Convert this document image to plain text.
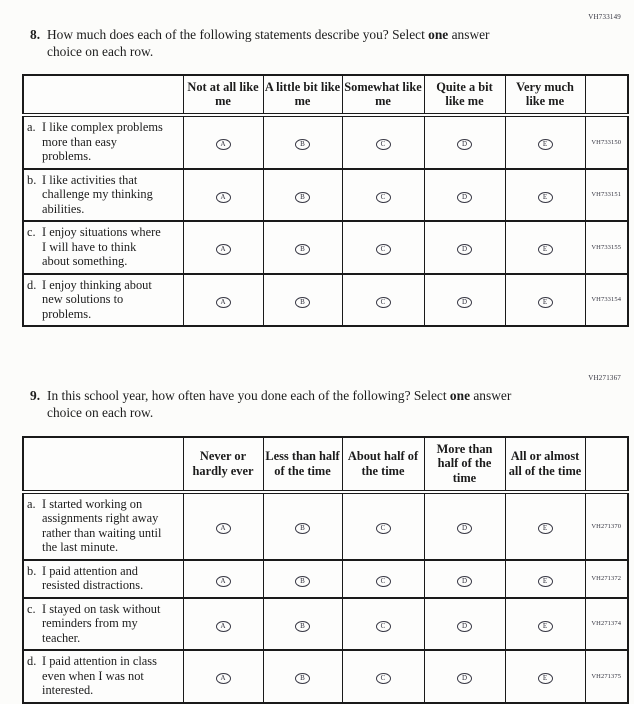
VH733149
8. How much does each of the following statements describe you? Select one answer
choice on each row.
	Not at all like me	A little bit like me	Somewhat like me	Quite a bit like me	Very much like me	

a. I like complex problems more than easy problems.	A	B	C	D	E	VH733150

b. I like activities that challenge my thinking abilities.	A	B	C	D	E	VH733151

c. I enjoy situations where I will have to think about something.	A	B	C	D	E	VH733155

d. I enjoy thinking about new solutions to problems.	A	B	C	D	E	VH733154
VH271367
9. In this school year, how often have you done each of the following? Select one answer
choice on each row.
	Never or hardly ever	Less than half of the time	About half of the time	More than half of the time	All or almost all of the time	

a. I started working on assignments right away rather than waiting until the last minute.	A	B	C	D	E	VH271370

b. I paid attention and resisted distractions.	A	B	C	D	E	VH271372

c. I stayed on task without reminders from my teacher.	A	B	C	D	E	VH271374

d. I paid attention in class even when I was not interested.	A	B	C	D	E	VH271375
